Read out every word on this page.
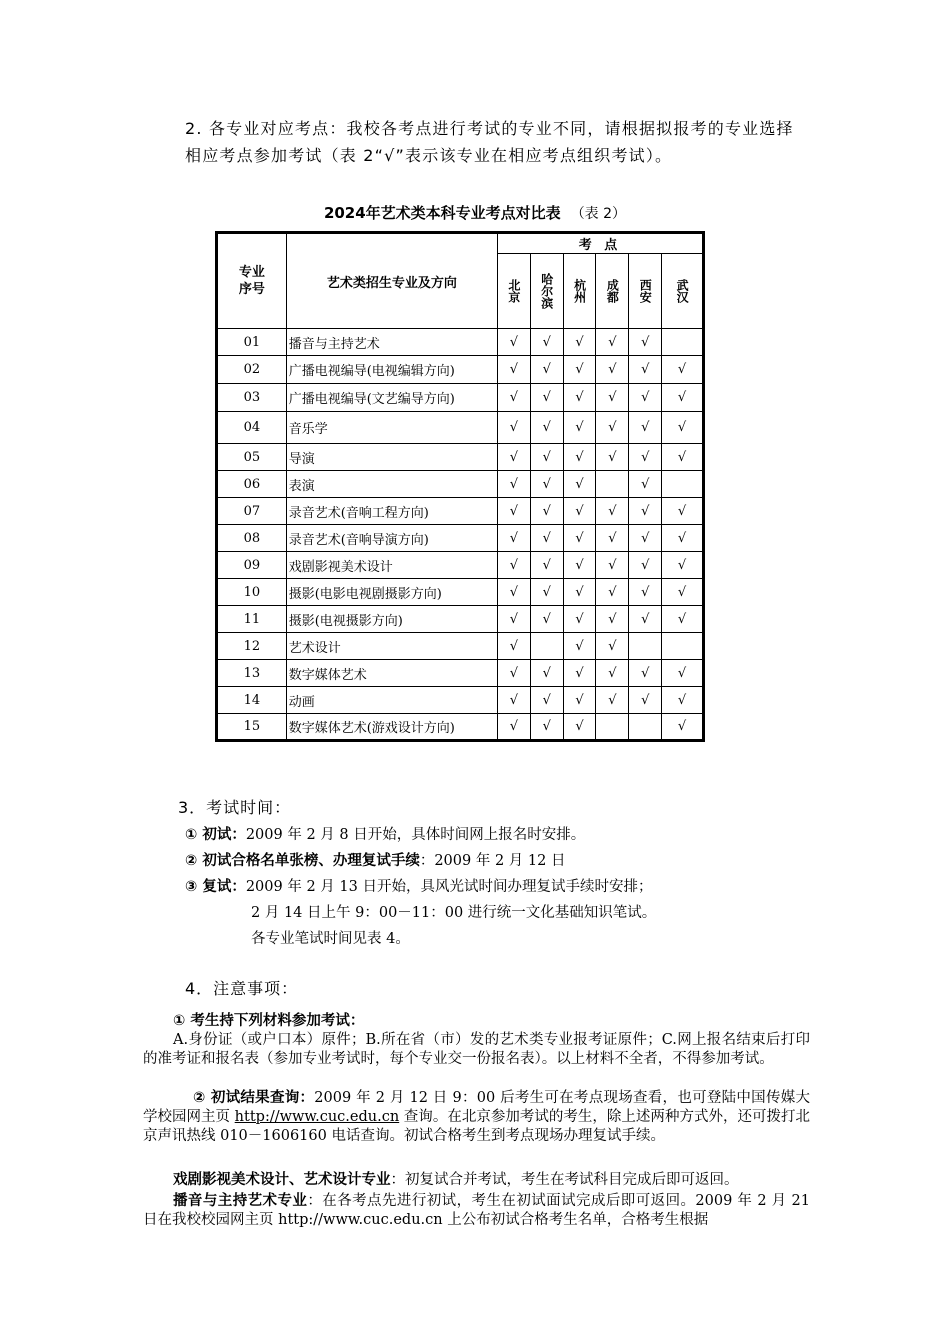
2. 各专业对应考点：我校各考点进行考试的专业不同，请根据拟报考的专业选择相应考点参加考试（表 2“√”表示该专业在相应考点组织考试）。
2024年艺术类本科专业考点对比表 （表 2）
专业序号	艺术类招生专业及方向	考 点					

		北京	哈尔滨	杭州	成都	西安	武汉

01	播音与主持艺术	√	√	√	√	√	
02	广播电视编导(电视编辑方向)	√	√	√	√	√	√
03	广播电视编导(文艺编导方向)	√	√	√	√	√	√
04	音乐学	√	√	√	√	√	√
05	导演	√	√	√	√	√	√
06	表演	√	√	√		√	
07	录音艺术(音响工程方向)	√	√	√	√	√	√
08	录音艺术(音响导演方向)	√	√	√	√	√	√
09	戏剧影视美术设计	√	√	√	√	√	√
10	摄影(电影电视剧摄影方向)	√	√	√	√	√	√
11	摄影(电视摄影方向)	√	√	√	√	√	√
12	艺术设计	√		√	√		
13	数字媒体艺术	√	√	√	√	√	√
14	动画	√	√	√	√	√	√
15	数字媒体艺术(游戏设计方向)	√	√	√			√
3．考试时间：
① 初试：2009 年 2 月 8 日开始，具体时间网上报名时安排。
② 初试合格名单张榜、办理复试手续：2009 年 2 月 12 日
③ 复试：2009 年 2 月 13 日开始，具风光试时间办理复试手续时安排；
2 月 14 日上午 9：00－11：00 进行统一文化基础知识笔试。
各专业笔试时间见表 4。
4．注意事项：
① 考生持下列材料参加考试：
A.身份证（或户口本）原件；B.所在省（市）发的艺术类专业报考证原件；C.网上报名结束后打印的准考证和报名表（参加专业考试时，每个专业交一份报名表）。以上材料不全者，不得参加考试。
② 初试结果查询：2009 年 2 月 12 日 9：00 后考生可在考点现场查看，也可登陆中国传媒大学校园网主页 http://www.cuc.edu.cn 查询。在北京参加考试的考生，除上述两种方式外，还可拨打北京声讯热线 010－1606160 电话查询。初试合格考生到考点现场办理复试手续。
戏剧影视美术设计、艺术设计专业：初复试合并考试，考生在考试科目完成后即可返回。
播音与主持艺术专业：在各考点先进行初试，考生在初试面试完成后即可返回。2009 年 2 月 21 日在我校校园网主页 http://www.cuc.edu.cn 上公布初试合格考生名单，合格考生根据
